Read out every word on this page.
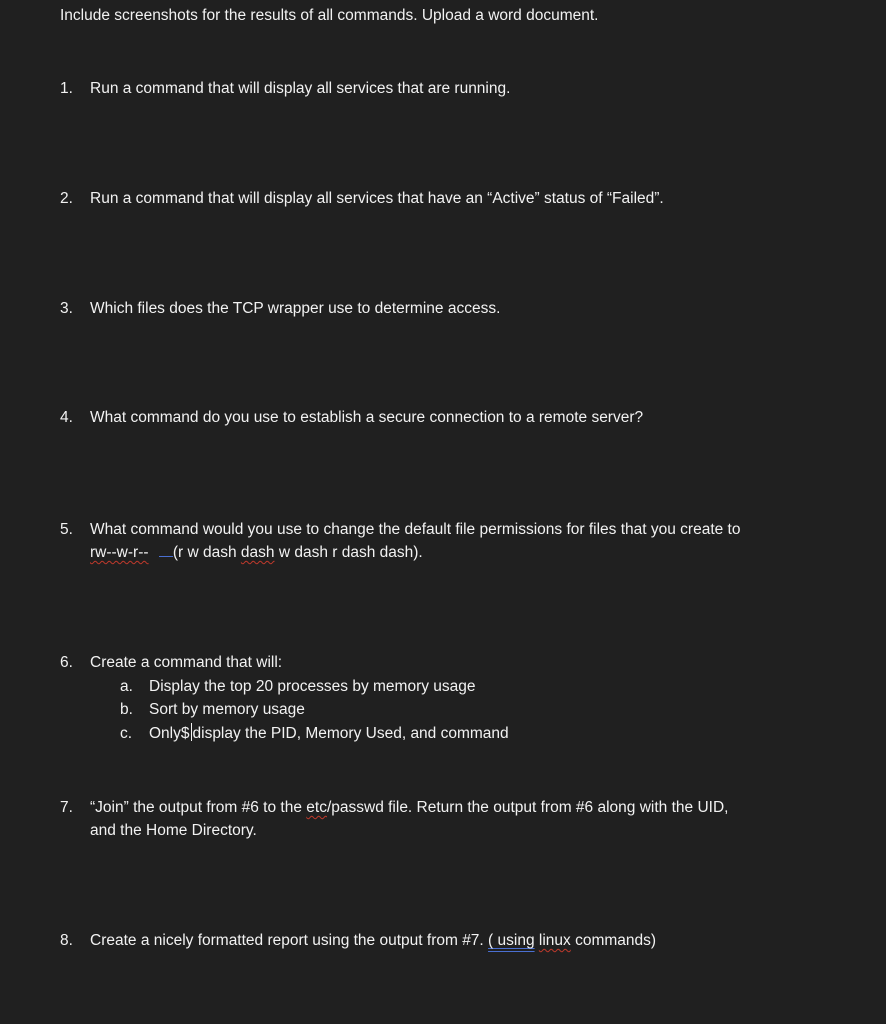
Include screenshots for the results of all commands. Upload a word document.
1. Run a command that will display all services that are running.
2. Run a command that will display all services that have an “Active” status of “Failed”.
3. Which files does the TCP wrapper use to determine access.
4. What command do you use to establish a secure connection to a remote server?
5. What command would you use to change the default file permissions for files that you create to
rw--w-r-- (r w dash dash w dash r dash dash).
6. Create a command that will:
a. Display the top 20 processes by memory usage
b. Sort by memory usage
c. Only$ display the PID, Memory Used, and command
7. “Join” the output from #6 to the etc/passwd file. Return the output from #6 along with the UID,
and the Home Directory.
8. Create a nicely formatted report using the output from #7. ( using linux commands)
